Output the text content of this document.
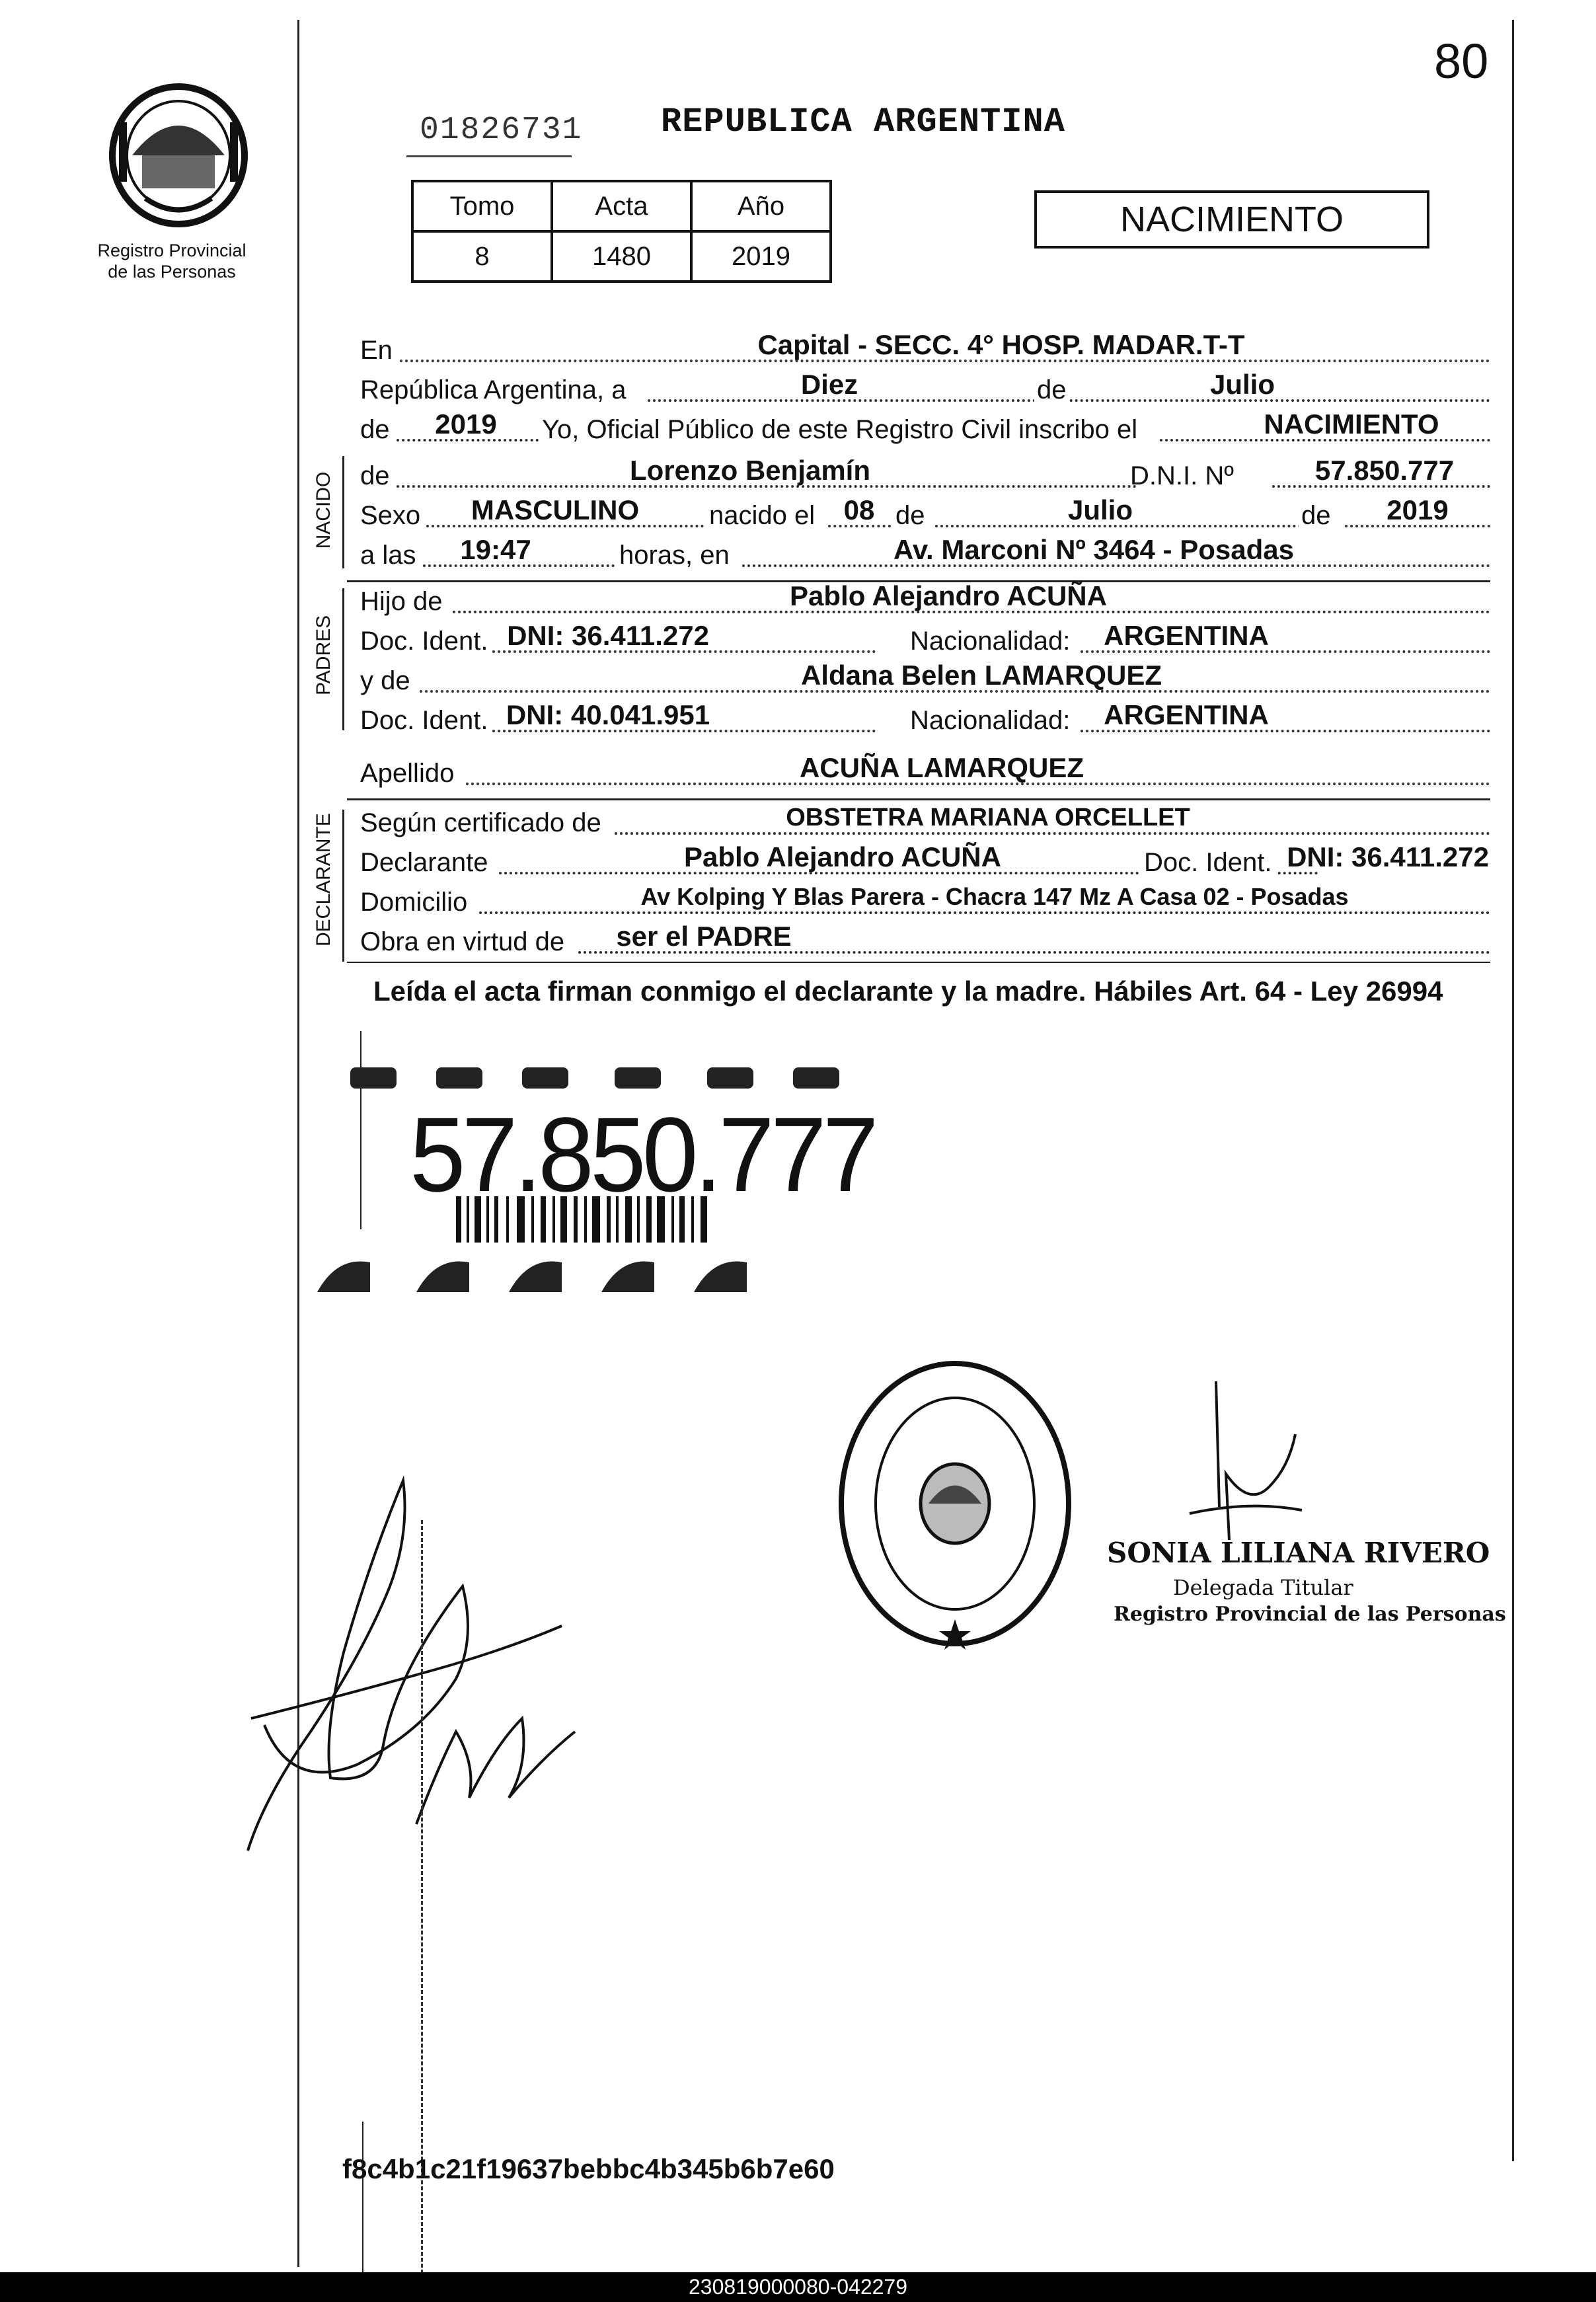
80
Registro Provincial
de las Personas
01826731 REPUBLICA ARGENTINA
Tomo	Acta	Año
8	1480	2019
NACIMIENTO
En	Capital - SECC. 4° HOSP. MADAR.T-T
República Argentina, a	Diez	de	Julio
de	2019	Yo, Oficial Público de este Registro Civil inscribo el	NACIMIENTO
NACIDO de	Lorenzo Benjamín	D.N.I. Nº	57.850.777
Sexo	MASCULINO	nacido el	08 de	Julio	de	2019
a las	19:47	horas, en	Av. Marconi Nº 3464 - Posadas
PADRES
Hijo de	Pablo Alejandro ACUÑA
Doc. Ident. DNI: 36.411.272	Nacionalidad:	ARGENTINA
y de	Aldana Belen LAMARQUEZ
Doc. Ident. DNI: 40.041.951	Nacionalidad:	ARGENTINA
Apellido	ACUÑA LAMARQUEZ
DECLARANTE Según certificado de	OBSTETRA MARIANA ORCELLET
Declarante	Pablo Alejandro ACUÑA	Doc. Ident. DNI: 36.411.272
Domicilio	Av Kolping Y Blas Parera - Chacra 147 Mz A Casa 02 - Posadas
Obra en virtud de	ser el PADRE
Leída el acta firman conmigo el declarante y la madre. Hábiles Art. 64 - Ley 26994
57.850.777
SONIA LILIANA RIVERO
Delegada Titular
Registro Provincial de las Personas
f8c4b1c21f19637bebbc4b345b6b7e60
230819000080-042279
